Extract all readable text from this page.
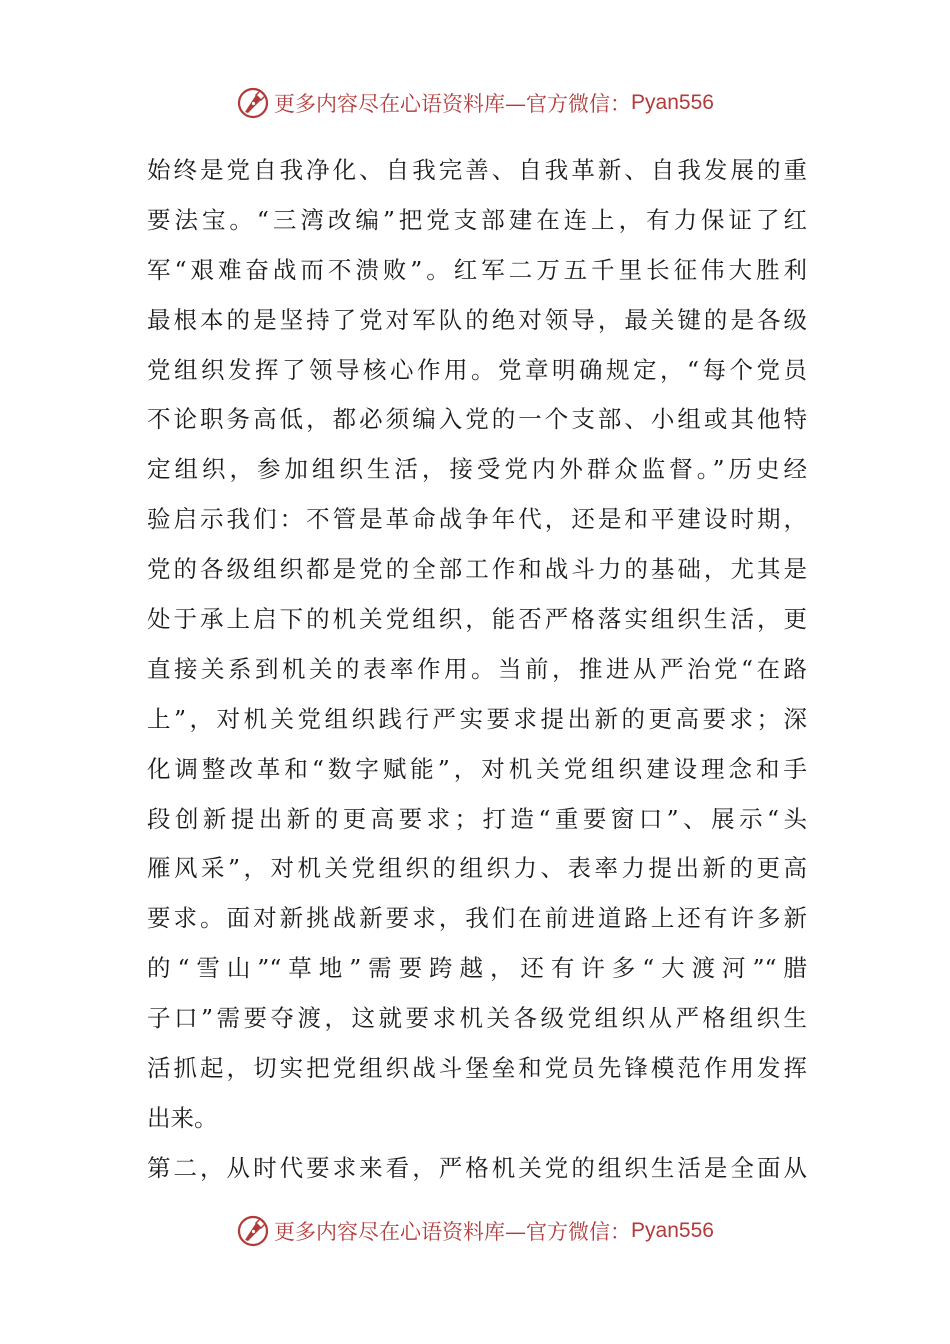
更多内容尽在心语资料库—官方微信： Pyan556
始终是党自我净化、自我完善、自我革新、自我发展的重
要法宝。“三湾改编”把党支部建在连上，有力保证了红
军“艰难奋战而不溃败”。红军二万五千里长征伟大胜利
最根本的是坚持了党对军队的绝对领导，最关键的是各级
党组织发挥了领导核心作用。党章明确规定，“每个党员
不论职务高低，都必须编入党的一个支部、小组或其他特
定组织，参加组织生活，接受党内外群众监督。”历史经
验启示我们：不管是革命战争年代，还是和平建设时期，
党的各级组织都是党的全部工作和战斗力的基础，尤其是
处于承上启下的机关党组织，能否严格落实组织生活，更
直接关系到机关的表率作用。当前，推进从严治党“在路
上”，对机关党组织践行严实要求提出新的更高要求；深
化调整改革和“数字赋能”，对机关党组织建设理念和手
段创新提出新的更高要求；打造“重要窗口”、展示“头
雁风采”，对机关党组织的组织力、表率力提出新的更高
要求。面对新挑战新要求，我们在前进道路上还有许多新
的“雪山”“草地”需要跨越，还有许多“大渡河”“腊
子口”需要夺渡，这就要求机关各级党组织从严格组织生
活抓起，切实把党组织战斗堡垒和党员先锋模范作用发挥
出来。
第二，从时代要求来看，严格机关党的组织生活是全面从
更多内容尽在心语资料库—官方微信： Pyan556
